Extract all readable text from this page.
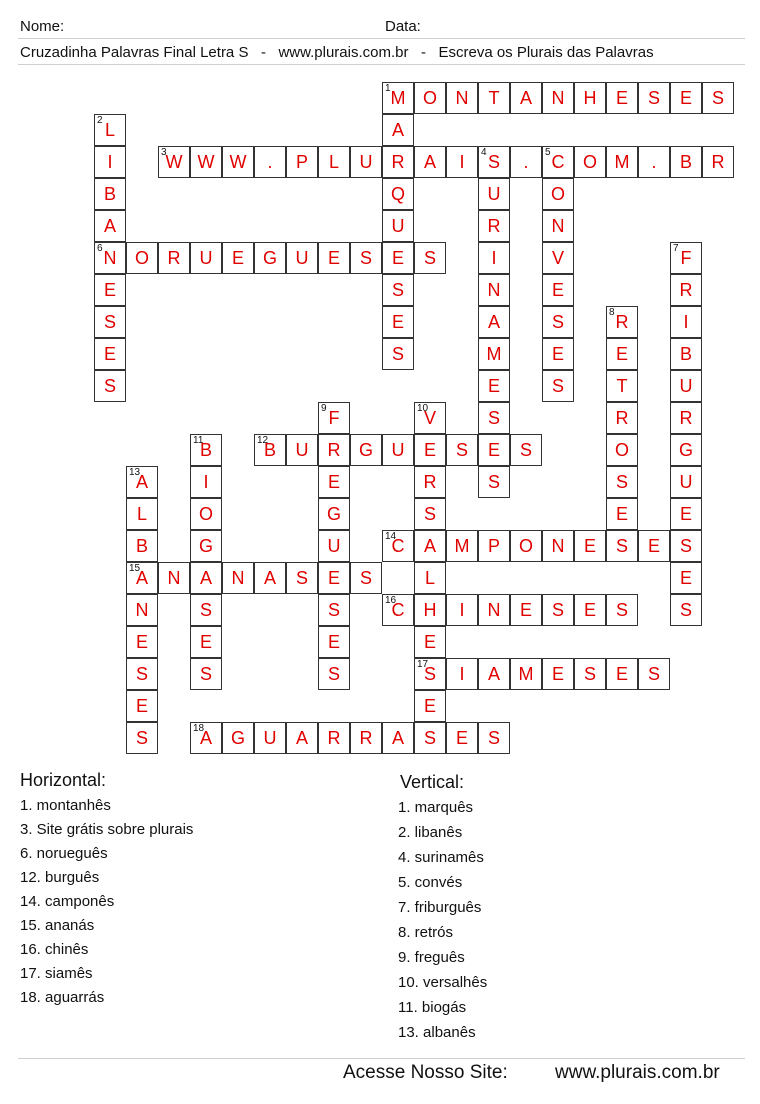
Nome:	Data:
Cruzadinha Palavras Final Letra S   -   www.plurais.com.br   -   Escreva os Plurais das Palavras
M O	N	T	A	N	H	E	S	E	S
W W W	.	P	L	U	R	A	I	S	.	C	O M	.	B	R
N	O	R	U	E	G	U	E	S	E	S
B	U	R	G	U	E	S	E	S
C	A	M	P	O	N	E	S	E	S
A	N	A	N	A	S	E	S
C	H	I	N	E	S	E	S
S	I	A	M	E	S	E	S
A	G	U	A	R	R	A	S	E	S
A
Q
U
S
E
S
L
I
B
A
E
S
E
S
U
R
I
N
A
M
E
S
S
O
N
V
E
S
E
S
F
R
I
B
U
R
G
U
E
E
S
R
E
T
R
O
S
E
F
E
G
U
S
E
S
V
R
S
L
E
E
B
I
O
G
S
E
S
A
L
B
N
E
S
E
S
1
3
6
12
14
15
16
17
18
2
4	5
7
8
9	10
11
13
Horizontal:
1. montanhês
3. Site grátis sobre plurais
6. norueguês
12. burguês
14. camponês
15. ananás
16. chinês
17. siamês
18. aguarrás
Vertical:
1. marquês
2. libanês
4. surinamês
5. convés
7. friburguês
8. retrós
9. freguês
10. versalhês
11. biogás
13. albanês
Acesse Nosso Site: www.plurais.com.br
